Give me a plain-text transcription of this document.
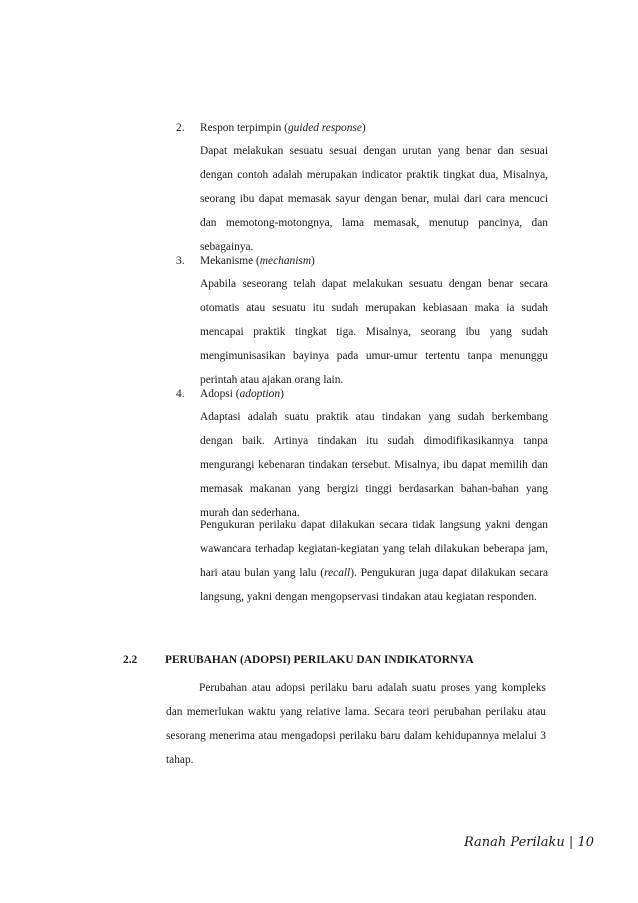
2. Respon terpimpin (guided response)
Dapat melakukan sesuatu sesuai dengan urutan yang benar dan sesuai dengan contoh adalah merupakan indicator praktik tingkat dua, Misalnya, seorang ibu dapat memasak sayur dengan benar, mulai dari cara mencuci dan memotong-motongnya, lama memasak, menutup pancinya, dan sebagainya.
3. Mekanisme (mechanism)
Apabila seseorang telah dapat melakukan sesuatu dengan benar secara otomatis atau sesuatu itu sudah merupakan kebiasaan maka ia sudah mencapai praktik tingkat tiga. Misalnya, seorang ibu yang sudah mengimunisasikan bayinya pada umur-umur tertentu tanpa menunggu perintah atau ajakan orang lain.
4. Adopsi (adoption)
Adaptasi adalah suatu praktik atau tindakan yang sudah berkembang dengan baik. Artinya tindakan itu sudah dimodifikasikannya tanpa mengurangi kebenaran tindakan tersebut. Misalnya, ibu dapat memilih dan memasak makanan yang bergizi tinggi berdasarkan bahan-bahan yang murah dan sederhana.
Pengukuran perilaku dapat dilakukan secara tidak langsung yakni dengan wawancara terhadap kegiatan-kegiatan yang telah dilakukan beberapa jam, hari atau bulan yang lalu (recall). Pengukuran juga dapat dilakukan secara langsung, yakni dengan mengopservasi tindakan atau kegiatan responden.
2.2 PERUBAHAN (ADOPSI) PERILAKU DAN INDIKATORNYA
Perubahan atau adopsi perilaku baru adalah suatu proses yang kompleks dan memerlukan waktu yang relative lama. Secara teori perubahan perilaku atau sesorang menerima atau mengadopsi perilaku baru dalam kehidupannya melalui 3 tahap.
Ranah Perilaku | 10
